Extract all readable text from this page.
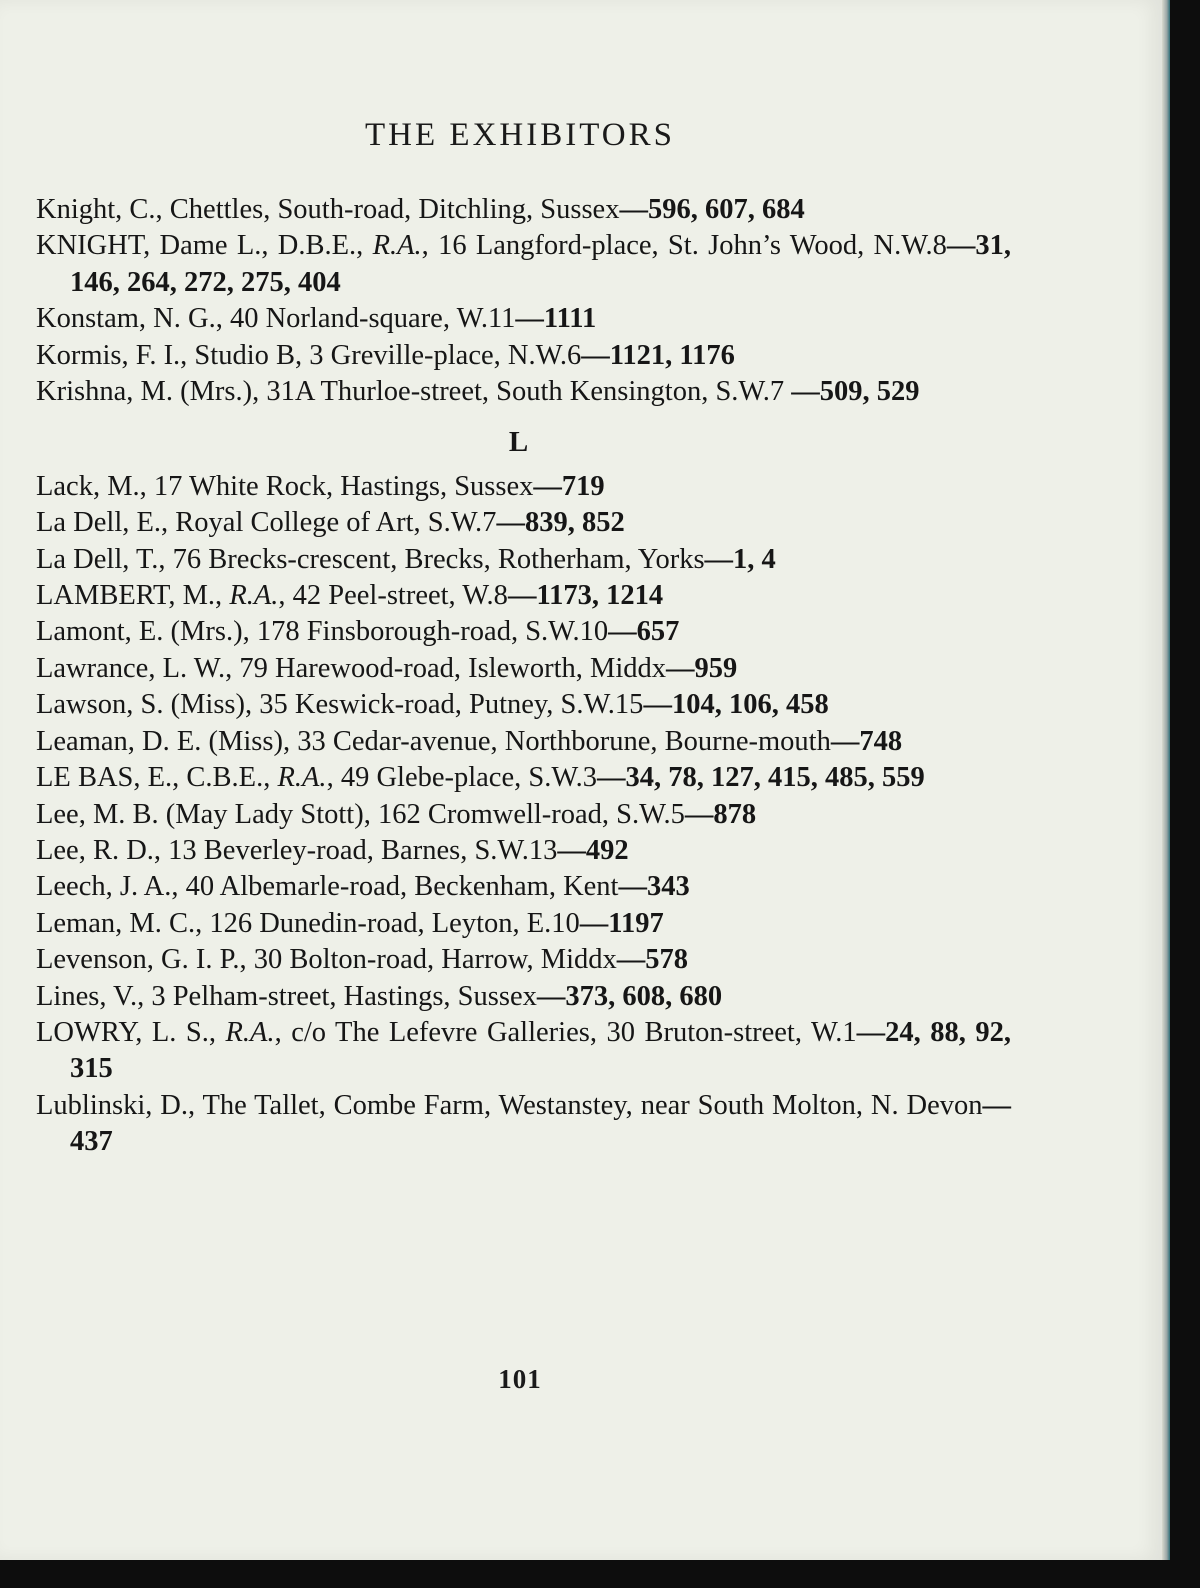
THE EXHIBITORS
Knight, C., Chettles, South-road, Ditchling, Sussex—596, 607, 684
KNIGHT, Dame L., D.B.E., R.A., 16 Langford-place, St. John’s Wood, N.W.8—31, 146, 264, 272, 275, 404
Konstam, N. G., 40 Norland-square, W.11—1111
Kormis, F. I., Studio B, 3 Greville-place, N.W.6—1121, 1176
Krishna, M. (Mrs.), 31A Thurloe-street, South Kensington, S.W.7 —509, 529
L
Lack, M., 17 White Rock, Hastings, Sussex—719
La Dell, E., Royal College of Art, S.W.7—839, 852
La Dell, T., 76 Brecks-crescent, Brecks, Rotherham, Yorks—1, 4
LAMBERT, M., R.A., 42 Peel-street, W.8—1173, 1214
Lamont, E. (Mrs.), 178 Finsborough-road, S.W.10—657
Lawrance, L. W., 79 Harewood-road, Isleworth, Middx—959
Lawson, S. (Miss), 35 Keswick-road, Putney, S.W.15—104, 106, 458
Leaman, D. E. (Miss), 33 Cedar-avenue, Northborune, Bourne-mouth—748
LE BAS, E., C.B.E., R.A., 49 Glebe-place, S.W.3—34, 78, 127, 415, 485, 559
Lee, M. B. (May Lady Stott), 162 Cromwell-road, S.W.5—878
Lee, R. D., 13 Beverley-road, Barnes, S.W.13—492
Leech, J. A., 40 Albemarle-road, Beckenham, Kent—343
Leman, M. C., 126 Dunedin-road, Leyton, E.10—1197
Levenson, G. I. P., 30 Bolton-road, Harrow, Middx—578
Lines, V., 3 Pelham-street, Hastings, Sussex—373, 608, 680
LOWRY, L. S., R.A., c/o The Lefevre Galleries, 30 Bruton-street, W.1—24, 88, 92, 315
Lublinski, D., The Tallet, Combe Farm, Westanstey, near South Molton, N. Devon—437
101
